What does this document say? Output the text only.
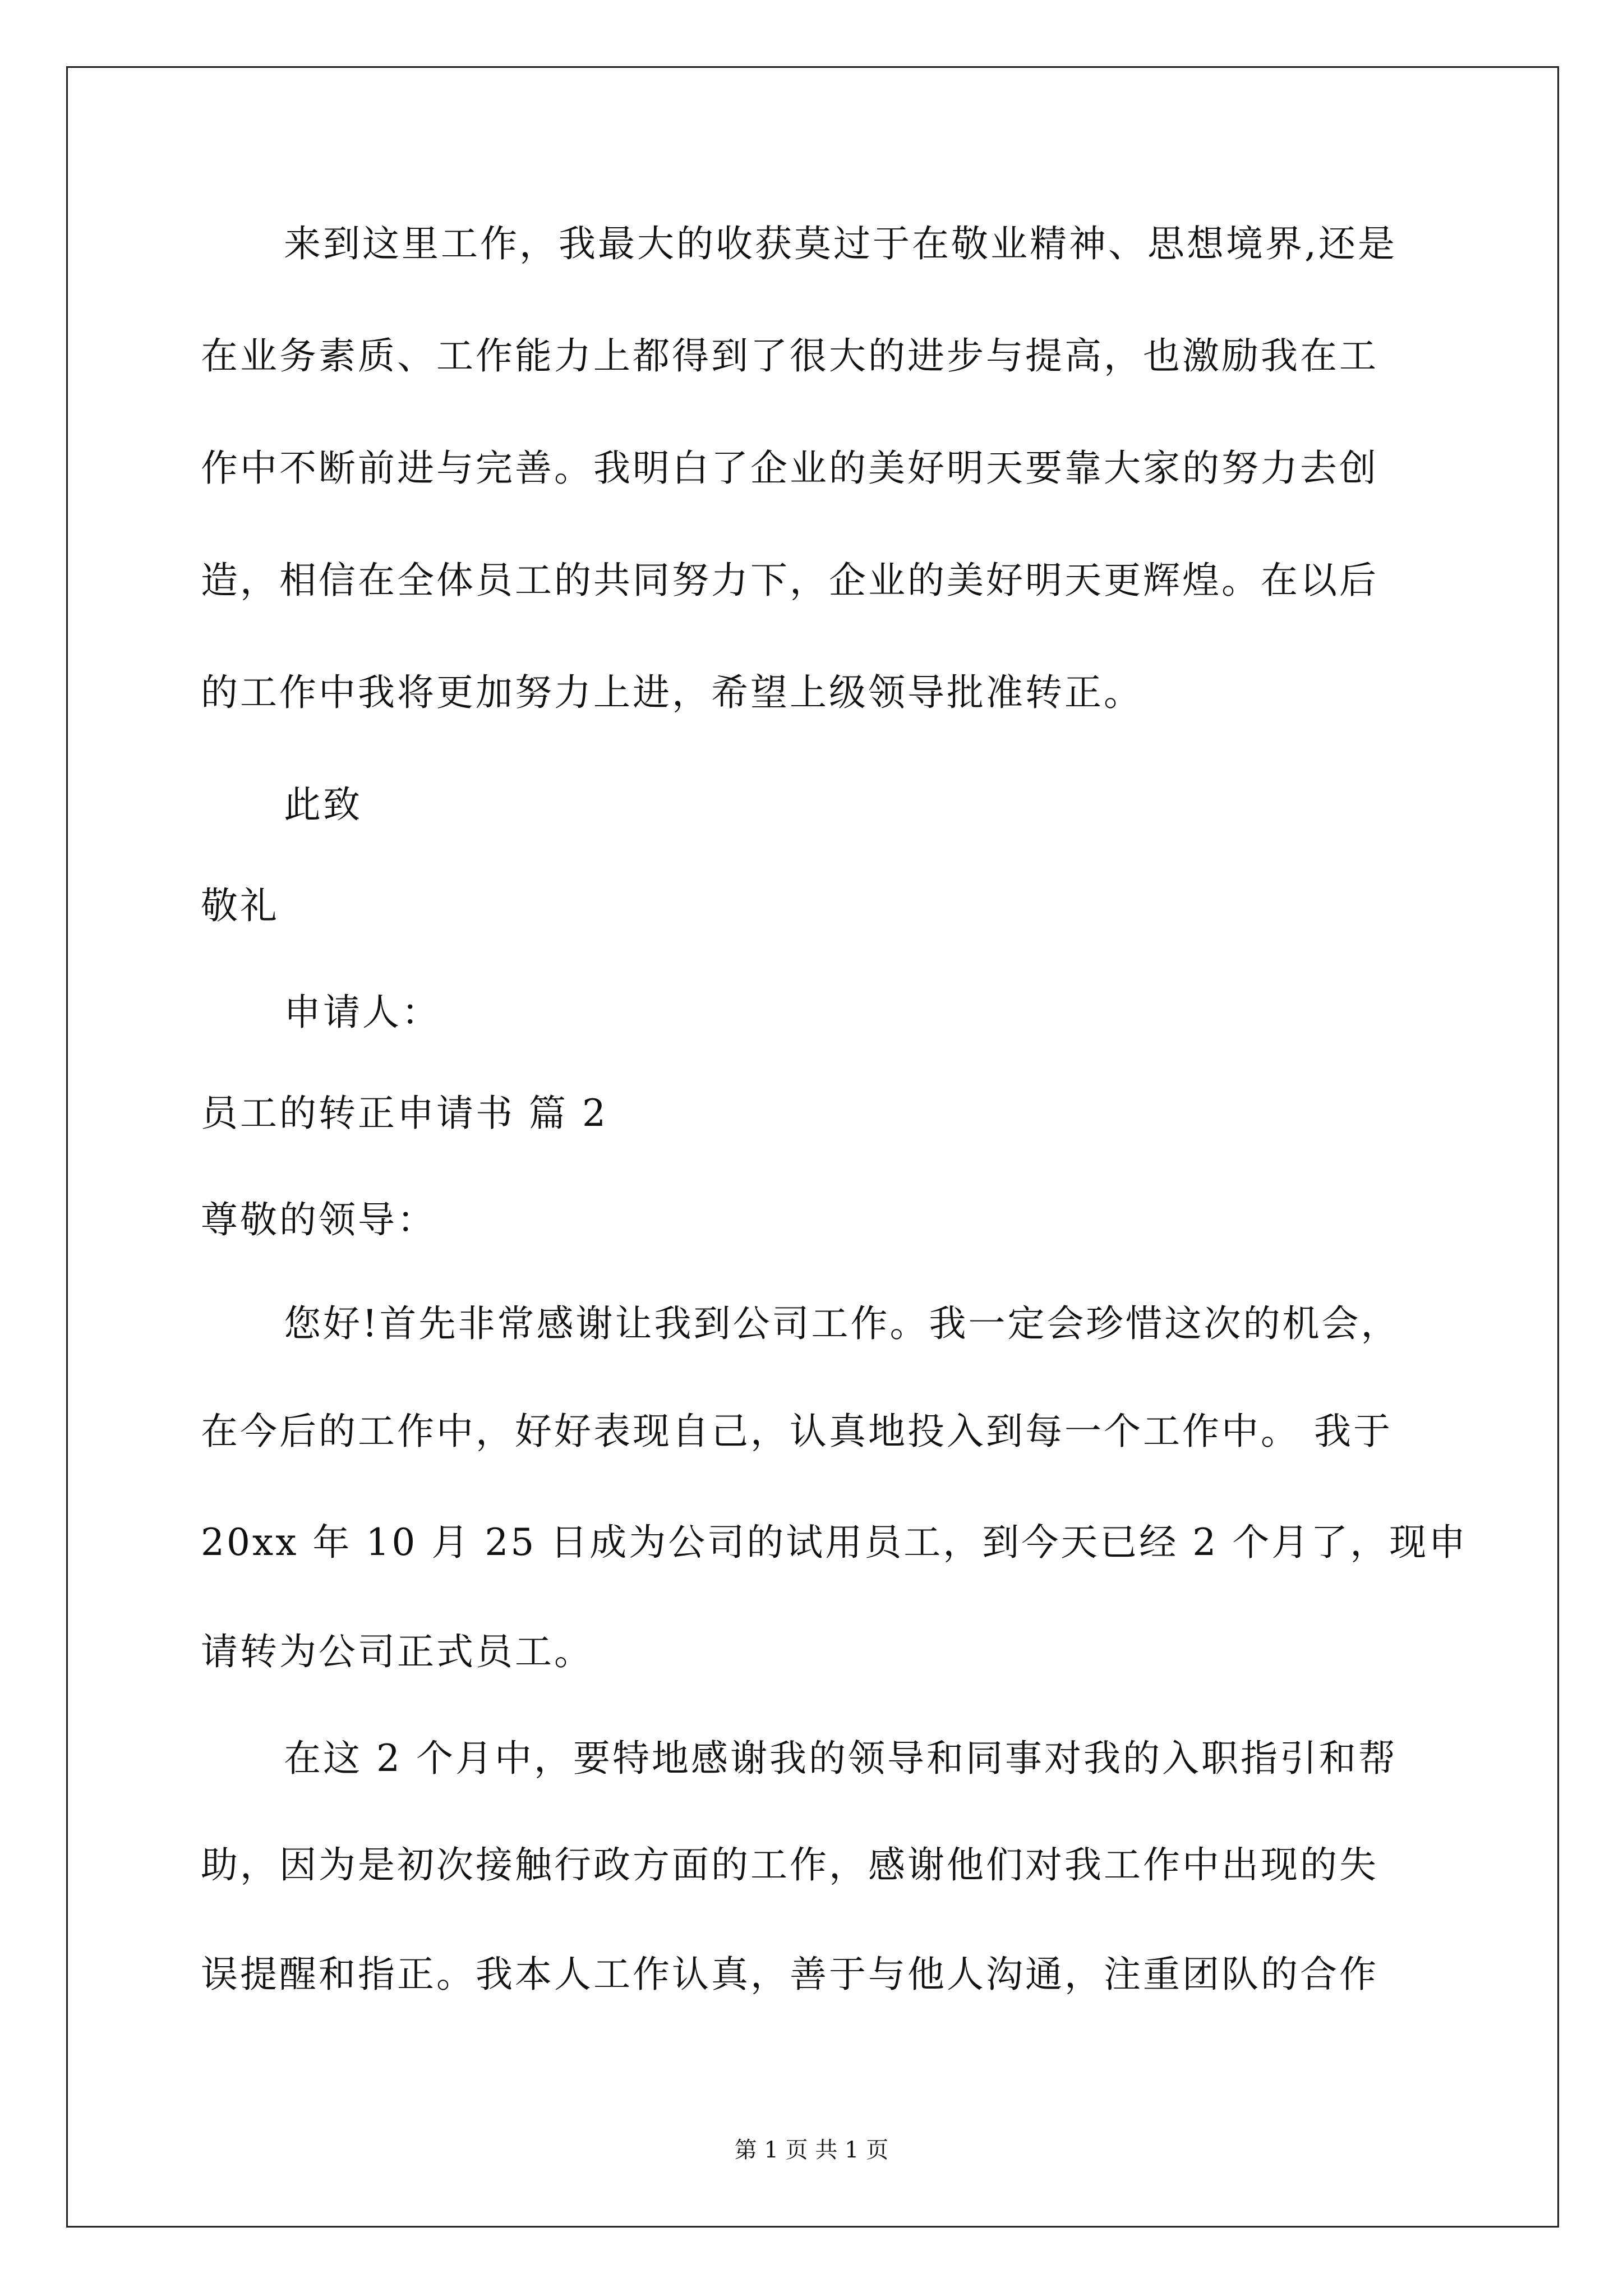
来到这里工作，我最大的收获莫过于在敬业精神、思想境界,还是
在业务素质、工作能力上都得到了很大的进步与提高，也激励我在工
作中不断前进与完善。我明白了企业的美好明天要靠大家的努力去创
造，相信在全体员工的共同努力下，企业的美好明天更辉煌。在以后
的工作中我将更加努力上进，希望上级领导批准转正。
此致
敬礼
申请人：
员工的转正申请书 篇 2
尊敬的领导：
您好!首先非常感谢让我到公司工作。我一定会珍惜这次的机会，
在今后的工作中，好好表现自己，认真地投入到每一个工作中。 我于
20xx 年 10 月 25 日成为公司的试用员工，到今天已经 2 个月了，现申
请转为公司正式员工。
在这 2 个月中，要特地感谢我的领导和同事对我的入职指引和帮
助，因为是初次接触行政方面的工作，感谢他们对我工作中出现的失
误提醒和指正。我本人工作认真，善于与他人沟通，注重团队的合作
第 1 页 共 1 页
